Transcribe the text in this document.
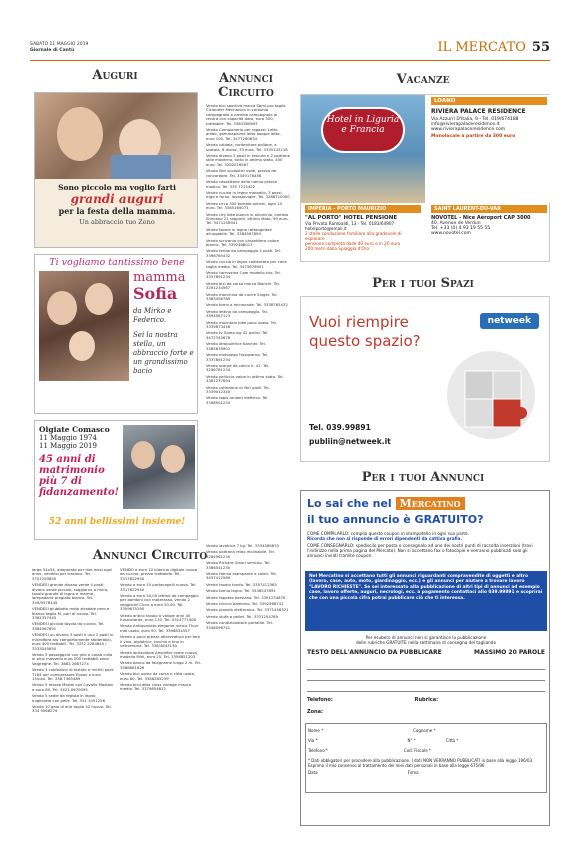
SABATO 11 MAGGIO 2019
Giornale di Cantù	IL MERCATO 55
Auguri
Sono piccolo ma voglio farti
grandi auguri
per la festa della mamma.
Un abbraccio tuo Zeno
Ti vogliamo tantissimo bene
mamma
Sofia
da Mirko e Federico.
Sei la nostra stella, un abbraccio forte e un grandissimo bacio
Olgiate Comasco
11 Maggio 1974
11 Maggio 2019
45 anni di matrimonio più 7 di fidanzamento!
52 anni bellissimi insieme!
Annunci Circuito

largo 54x54, adoperato per due mesi ogni anno, vendesi per trasloco. Tel. 3701250850

VENDESI grande divano verde 4 posti, divano verde piccolo, soggiorno a muro, tavolo grande di legno e marmo, lampadario pregiato bianco. Tel. 349/9578445

VENDESI giubbotto moto stradale nero e bianco taglia M, pari al nuovo. Tel. 3381357445

VENDESI piccola tavola da cucina. Tel. 3384567891

VENDESI un divano 3 posti e uno 2 posti in microfibra blu completamente sfoderabili, euro 400 trattabili. Tel. 3332 2284840 / 3333045650

Vendo 3 passeggino con giro e cassa culla in pino massello euro 500 trattabili zona Valgreghe. Tel. 3882 2687274

Vendo 3 confezioni di tartufo e mirtilli pack T184 per compressore Epson a euro 15/cad. Tel. 338.7365489

Vendo 5 mazze Martel con Cavallo Mastoni a euro 80. Tel. 3421 0670095

Vendo 5 sedie da regista in legno, migliorate con pelle. Tel. 331 3451256

Vendo 10 gaia di aria taglia 42 nuovo. Tel. 334 9568279

VENDO a euro 10 bilancia digitale nuova da cucina, prezzo trattabile. Tel. 3317822940

Vendo a euro 10 portacapelli nuova. Tel. 3317822940

Vendo a euro 20,00 lettino da campeggio per bambini con materasso, vendo 2 seggiolini Cicco a euro 20,00. Tel. 3309675290

Vendo antico tavolo a valigie anni 40 funzionante, euro 110. Tel. 0314771506

Vendo Antiquariato elegante marca Thun mai usato, euro 50. Tel. 3396834557

Vendo a poco prezzo attrezzatura per fare il vino, pigiatrice, torchio e tino in vetroresina. Tel. 338/4843139

Vendo apriscatole Ampiifier come nuovo, modello Mini, euro 25. Tel. 3356851203

Vendo banco da falegname lungo 2 m. Tel. 3386881826

Vendo bici uomo da corsa e città usata, euro 80. Tel. 3388285239

Vendo bicicletta cross vintage misura media. Tel. 3379854632

Annunci Circuito

Vendo bici sportiva marca Semi-pro taglia Cicloutfer Mecnanico in carbonio campagnolo e cambio campagnolo al record con capacità dato, euro 350, trattabile. Tel. 3383360693

Vendo Campionario per ragazzi. Letto ambo, gommapiuma letto doppio letto, euro 100. Tel. 3477260634

Vendo caldaia, contenitore pallone, a scatola, 6 divise, 33 euro. Tel. 3335143218

Vendo divano 3 posti in tessuto e 2 poltrone stile moderno, tutto in ottimo stato, 400 euro. Tel. 3282016567

Vendo libri scolastici usati, prezzo da concordare. Tel. 3349178456

Vendo cassettone della nonna prezzo modico. Tel. 335 7215422

Vendo cucina in legno massello, 3 pezzi, frigo e forno, lavastoviglie. Tel. 3288710000

Vendo circa 300 tomate antichi, ogni 10 euro. Tel. 3385165071

Vendo city bike bianca in alluminio, cambio Shimano 21 rapporti, ottimo stato, 90 euro. Tel. 3471258941

Vendo tavolo in legno rettangolare allungabile. Tel. 3384567890

Vendo scrivania con cassettiera colore bianco. Tel. 3392468013

Vendo tenda da campeggio 4 posti. Tel. 3398765432

Vendo cuccia in legno coibentata per cane taglia media. Tel. 3475678901

Vendo carrozzina Cam modello trio. Tel. 3357891234

Vendo bici da corsa marca Bianchi. Tel. 3291234567

Vendo macchina da cucire Singer. Tel. 3383456789

Vendo forno a microonde. Tel. 3338765432

Vendo lettino da campeggio. Tel. 3394567123

Vendo mountain bike poco usata. Tel. 3339873456

Vendo tv Samsung 42 pollici. Tel. 3472345678

Vendo idropulitrice Karcher. Tel. 3385678901

Vendo motosega Husqvarna. Tel. 3337891234

Vendo scarpe da calcio n. 42. Tel. 3296781234

Vendo pelliccia volpe in ottimo stato. Tel. 3381237894

Vendo collezione di libri gialli. Tel. 3339012345

Vendo tapis roulant elettrico. Tel. 3398901234

Vendo lavatrice 7 kg. Tel. 3334569870

Vendo poltrona relax reclinabile. Tel. 3284561230

Vendo Richard Ginori servizio. Tel. 3386541230

Vendo Hanna stampante a colori. Tel. 3457412589

Vendo tavolo tondo. Tel. 3357412365

Vendo tornio legno. Tel. 3336547891

Vendo tappeto persiano. Tel. 3391234876

Vendo triciclo bambino. Tel. 3392588741

Vendo pianola elettronica. Tel. 3371456321

Vendo stufa a pellet. Tel. 3331254789

Vendo condizionatore portatile. Tel. 3346598741

Vacanze
Hotel in Liguria e Francia
LOANO
RIVIERA PALACE RESIDENCE
Via Azzurri D'Italia, 9 - Tel. 019/674188
info@rivierapalaceresidence.it
www.rivierapalaceresidence.com
Monolocale a partire da 300 euro
IMPERIA - PORTO MAURIZIO
"AL PORTO" HOTEL PENSIONE
Via Privata Rambaldi, 13 - Tel. 0183/64907
hotelporto@email.it
2 stelle conduzione familiare alla gradevole di esplorare
pensione completa dalle 40 euro e in 20 euro
200 metri dalla Spiaggia d'Oro
SAINT LAURENT-DU-VAR
NOVOTEL - Nice Aéroport CAP 3000
40, Avenue de Verdun
Tel. +33 (0) 4 93 19 55 55
www.novotel.com
Per i tuoi Spazi
Vuoi riempire questo spazio?
netweek
Tel. 039.99891
publiin@netweek.it
Per i tuoi Annunci
Lo sai che nel Mercatino
il tuo annuncio è GRATUITO?
COME COMPILARLO: compila questo coupon in stampatello in ogni sua parte.
Ricorda che non si risponde di errori dipendenti da cattiva grafia.
COME CONSEGNARLO: spediscilo per posta o consegnalo ad uno dei nostri punti di raccolta inserzioni (trovi l'indirizzo nella prima pagina del Mercato). Non si accettano fax o fotocopie e verranno pubblicati solo gli annunci inviati tramite coupon.
Nel Mercatino si accettano tutti gli annunci riguardanti compravendite di oggetti e altro (lavoro, case, auto, moto, giardinaggio, ecc.) e gli annunci per aiutare a trovare lavoro "LAVORO RICHIESTE". Se sei interessato alla pubblicazione di altri tipi di annunci ad esempio case, lavoro offerte, auguri, necrologi, ecc. a pagamento contattaci allo 039.99891 e scoprirai che con una piccola cifra potrai pubblicare ciò che ti interessa.
Per esubero di annunci non si garantisce la pubblicazione
delle rubriche GRATUITE nella settimana di consegna del tagliando
TESTO DELL'ANNUNCIO DA PUBBLICARE	MASSIMO 20 PAROLE
Telefono:	Rubrica:
Zona:
Nome *	Cognome *
Via *	N° *	Città *
Telefono *	Cod. Fiscale *
* Dati obbligatori per procedere alla pubblicazione. I dati NON VERRANNO PUBBLICATI in base alla legge 196/03.
Esprimo il mio consenso al trattamento dei miei dati personali in base alla legge 675/96
Data	Firma
